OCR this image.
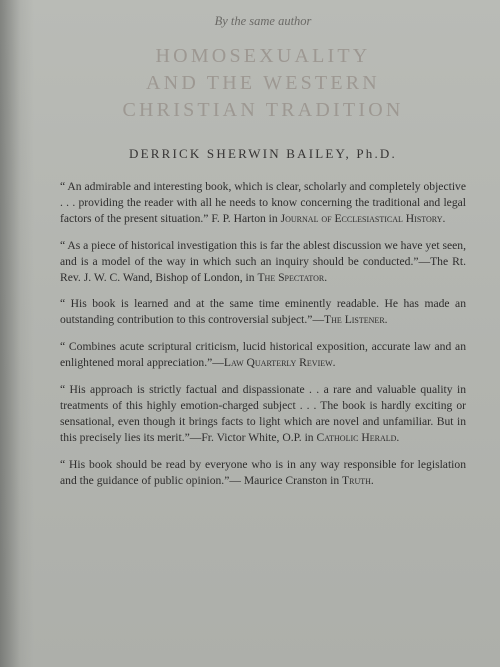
By the same author
HOMOSEXUALITY
AND THE WESTERN
CHRISTIAN TRADITION
DERRICK SHERWIN BAILEY, Ph.D.

“ An admirable and interesting book, which is clear, scholarly and completely objective . . . providing the reader with all he needs to know concerning the traditional and legal factors of the present situation.” F. P. Harton in Journal of Ecclesiastical History.

“ As a piece of historical investigation this is far the ablest discussion we have yet seen, and is a model of the way in which such an inquiry should be conducted.”—The Rt. Rev. J. W. C. Wand, Bishop of London, in The Spectator.

“ His book is learned and at the same time eminently readable. He has made an outstanding contribution to this controversial subject.”—The Listener.

“ Combines acute scriptural criticism, lucid historical exposition, accurate law and an enlightened moral appreciation.”—Law Quarterly Review.

“ His approach is strictly factual and dispassionate . . a rare and valuable quality in treatments of this highly emotion-charged subject . . . The book is hardly exciting or sensational, even though it brings facts to light which are novel and unfamiliar. But in this precisely lies its merit.”—Fr. Victor White, O.P. in Catholic Herald.

“ His book should be read by everyone who is in any way responsible for legislation and the guidance of public opinion.”— Maurice Cranston in Truth.
